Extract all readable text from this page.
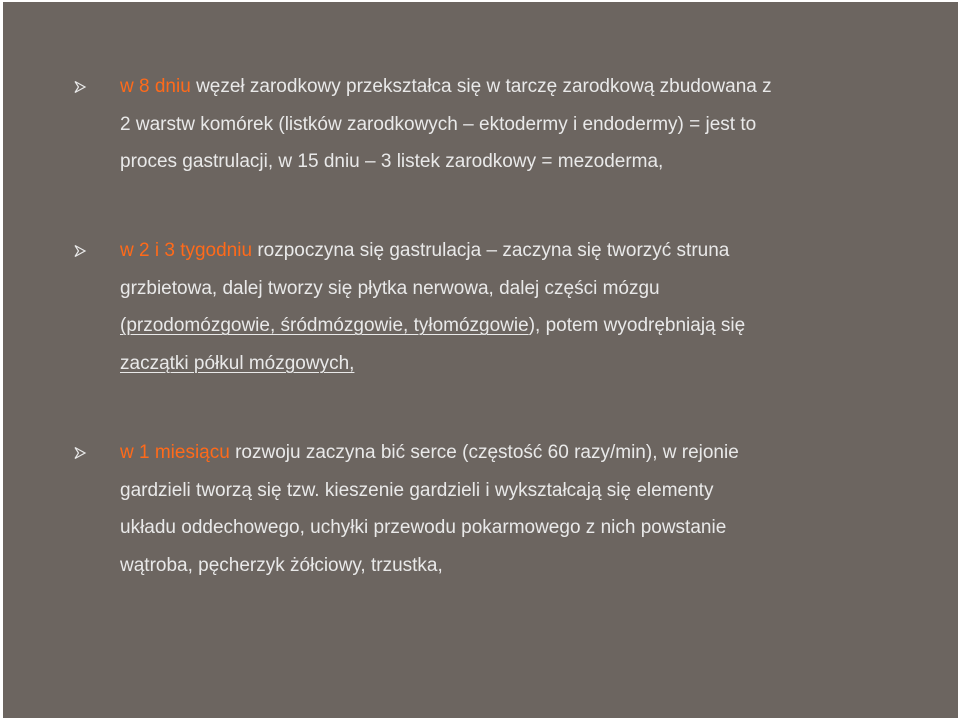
w 8 dniu węzeł zarodkowy przekształca się w tarczę zarodkową zbudowana z
2 warstw komórek (listków zarodkowych – ektodermy i endodermy) = jest to
proces gastrulacji, w 15 dniu – 3 listek zarodkowy = mezoderma,
w 2 i 3 tygodniu rozpoczyna się gastrulacja – zaczyna się tworzyć struna
grzbietowa, dalej tworzy się płytka nerwowa, dalej części mózgu
(przodomózgowie, śródmózgowie, tyłomózgowie), potem wyodrębniają się
zaczątki półkul mózgowych,
w 1 miesiącu rozwoju zaczyna bić serce (częstość 60 razy/min), w rejonie
gardzieli tworzą się tzw. kieszenie gardzieli i wykształcają się elementy
układu oddechowego, uchyłki przewodu pokarmowego z nich powstanie
wątroba, pęcherzyk żółciowy, trzustka,
